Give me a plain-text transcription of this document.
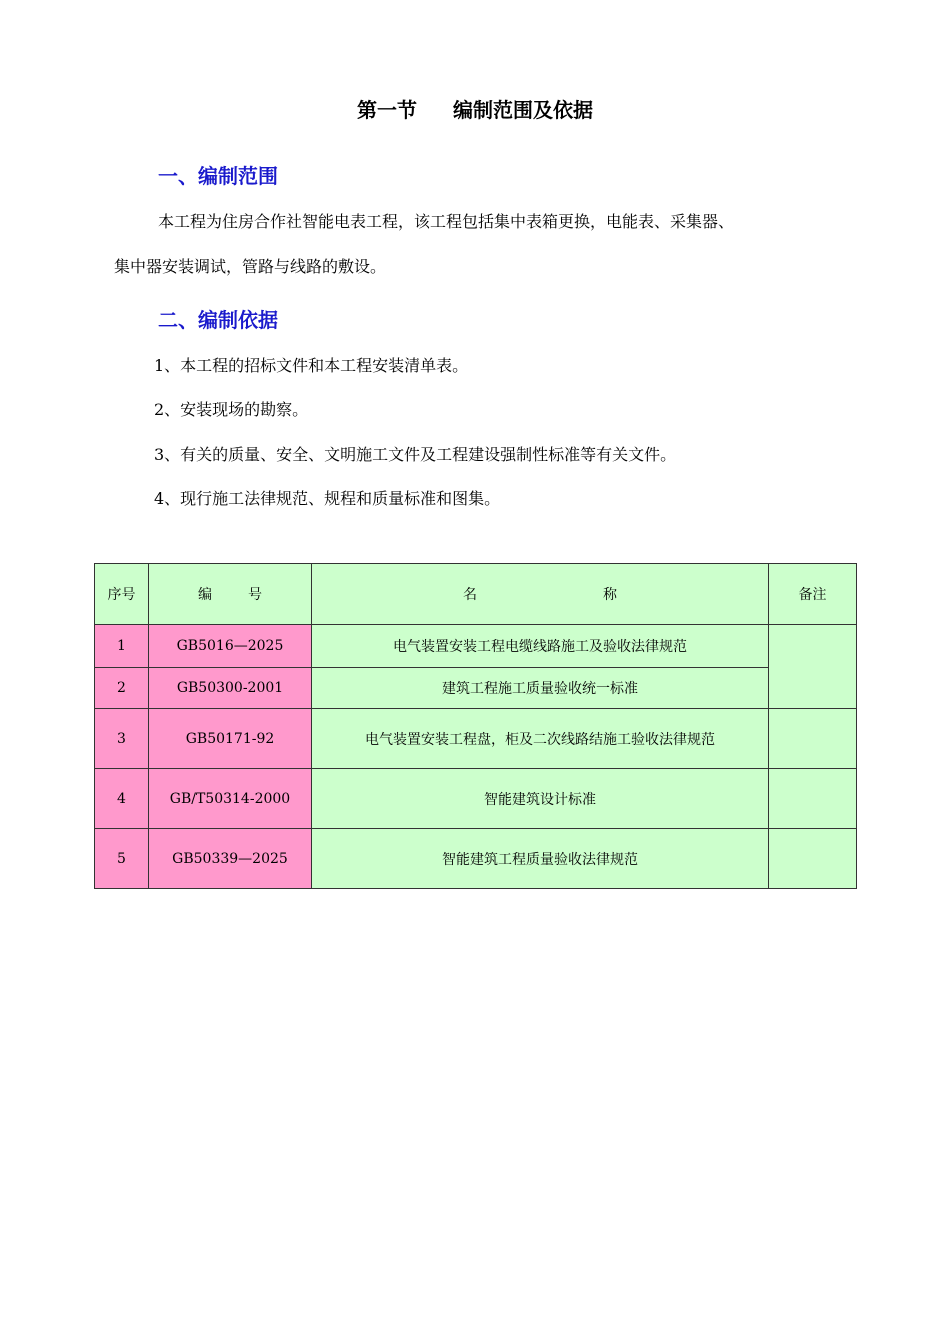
第一节 编制范围及依据
一、编制范围
本工程为住房合作社智能电表工程，该工程包括集中表箱更换，电能表、采集器、
集中器安装调试，管路与线路的敷设。
二、编制依据
1、本工程的招标文件和本工程安装清单表。
2、安装现场的勘察。
3、有关的质量、安全、文明施工文件及工程建设强制性标准等有关文件。
4、现行施工法律规范、规程和质量标准和图集。
序号	编 号	名 称	备注
1	GB5016—2025	电气装置安装工程电缆线路施工及验收法律规范	
2	GB50300-2001	建筑工程施工质量验收统一标准	
3	GB50171-92	电气装置安装工程盘，柜及二次线路结施工验收法律规范	
4	GB/T50314-2000	智能建筑设计标准	
5	GB50339—2025	智能建筑工程质量验收法律规范	
